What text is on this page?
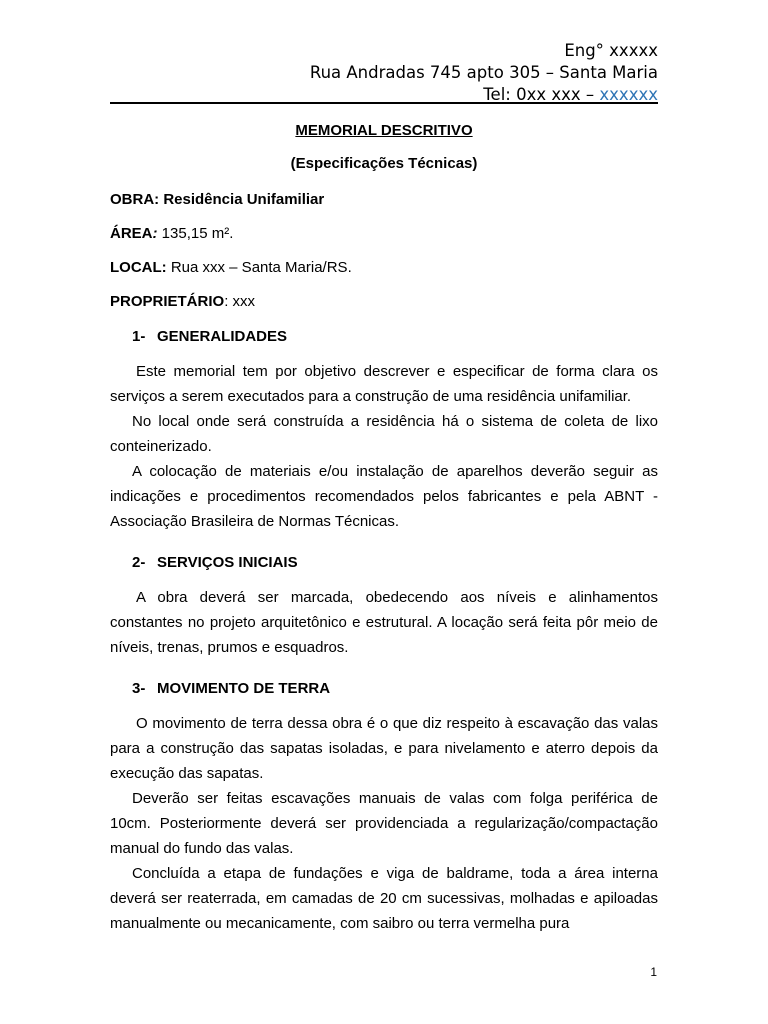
Eng° xxxxx
Rua Andradas 745 apto 305 – Santa Maria
Tel: 0xx xxx – xxxxxx
MEMORIAL DESCRITIVO
(Especificações Técnicas)
OBRA: Residência Unifamiliar
ÁREA: 135,15 m².
LOCAL: Rua xxx – Santa Maria/RS.
PROPRIETÁRIO: xxx
1- GENERALIDADES

Este memorial tem por objetivo descrever e especificar de forma clara os serviços a serem executados para a construção de uma residência unifamiliar.

No local onde será construída a residência há o sistema de coleta de lixo conteinerizado.

A colocação de materiais e/ou instalação de aparelhos deverão seguir as indicações e procedimentos recomendados pelos fabricantes e pela ABNT - Associação Brasileira de Normas Técnicas.

2- SERVIÇOS INICIAIS

A obra deverá ser marcada, obedecendo aos níveis e alinhamentos constantes no projeto arquitetônico e estrutural. A locação será feita pôr meio de níveis, trenas, prumos e esquadros.

3- MOVIMENTO DE TERRA

O movimento de terra dessa obra é o que diz respeito à escavação das valas para a construção das sapatas isoladas, e para nivelamento e aterro depois da execução das sapatas.

Deverão ser feitas escavações manuais de valas com folga periférica de 10cm. Posteriormente deverá ser providenciada a regularização/compactação manual do fundo das valas.

Concluída a etapa de fundações e viga de baldrame, toda a área interna deverá ser reaterrada, em camadas de 20 cm sucessivas, molhadas e apiloadas manualmente ou mecanicamente, com saibro ou terra vermelha pura

1
